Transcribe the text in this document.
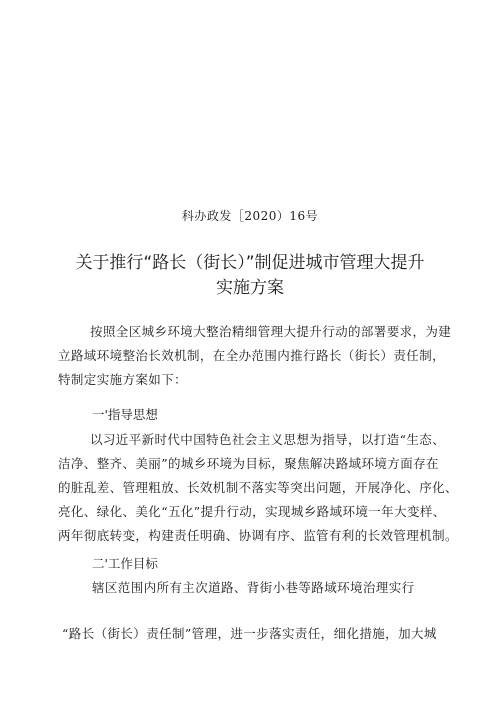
科办政发［2020）16号
关于推行“路长（街长）”制促进城市管理大提升
实施方案
按照全区城乡环境大整治精细管理大提升行动的部署要求，为建
立路域环境整治长效机制，在全办范围内推行路长（街长）责任制，
特制定实施方案如下：
一'指导思想
以习近平新时代中国特色社会主义思想为指导，以打造“生态、
洁净、整齐、美丽”的城乡环境为目标，聚焦解决路域环境方面存在
的脏乱差、管理粗放、长效机制不落实等突出问题，开展净化、序化、
亮化、绿化、美化“五化”提升行动，实现城乡路域环境一年大变样、
两年彻底转变，构建责任明确、协调有序、监管有利的长效管理机制。
二'工作目标
辖区范围内所有主次道路、背街小巷等路域环境治理实行
“路长（街长）责任制”管理，进一步落实责任，细化措施，加大城
